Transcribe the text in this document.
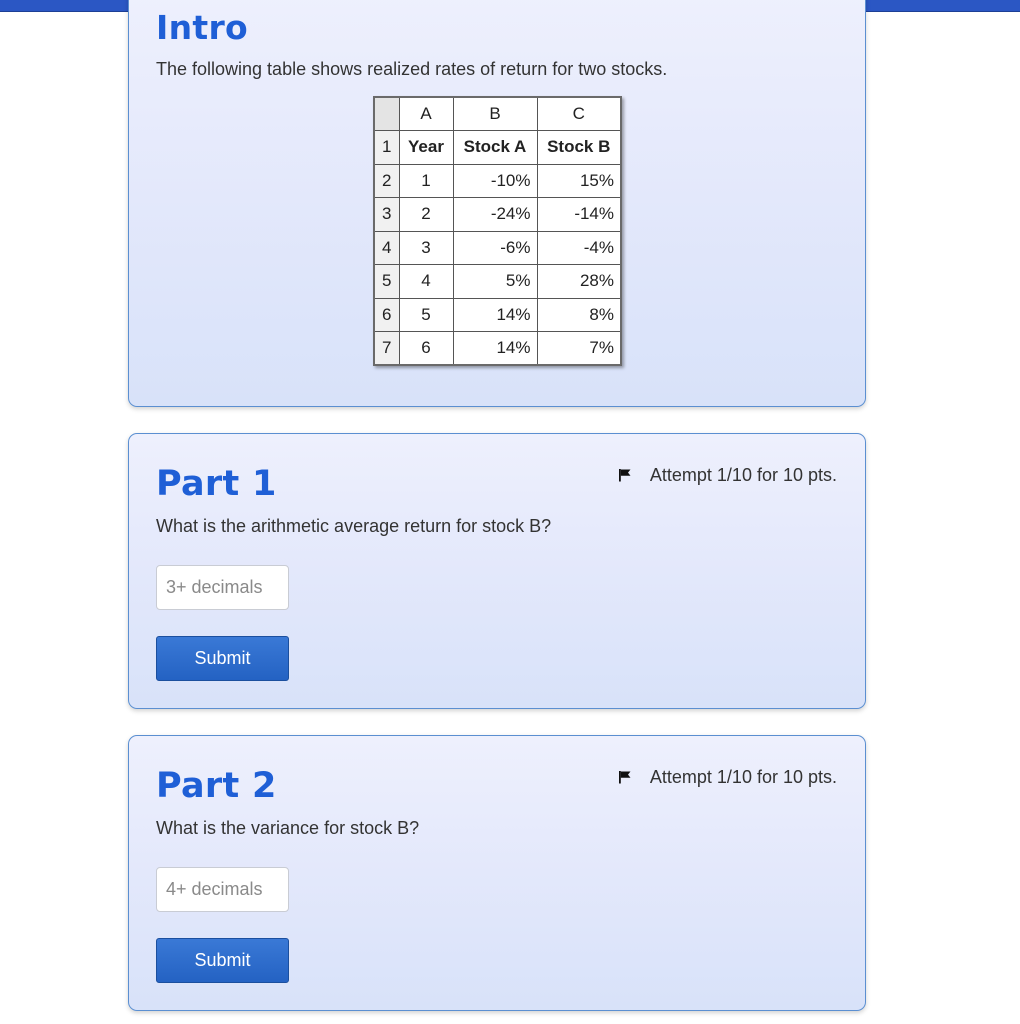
Intro

The following table shows realized rates of return for two stocks.

	A	B	C
1	Year	Stock A	Stock B
2	1	-10%	15%
3	2	-24%	-14%
4	3	-6%	-4%
5	4	5%	28%
6	5	14%	8%
7	6	14%	7%
Part 1	Attempt 1/10 for 10 pts.

What is the arithmetic average return for stock B?

3+ decimals
Submit
Part 2	Attempt 1/10 for 10 pts.

What is the variance for stock B?

4+ decimals
Submit
